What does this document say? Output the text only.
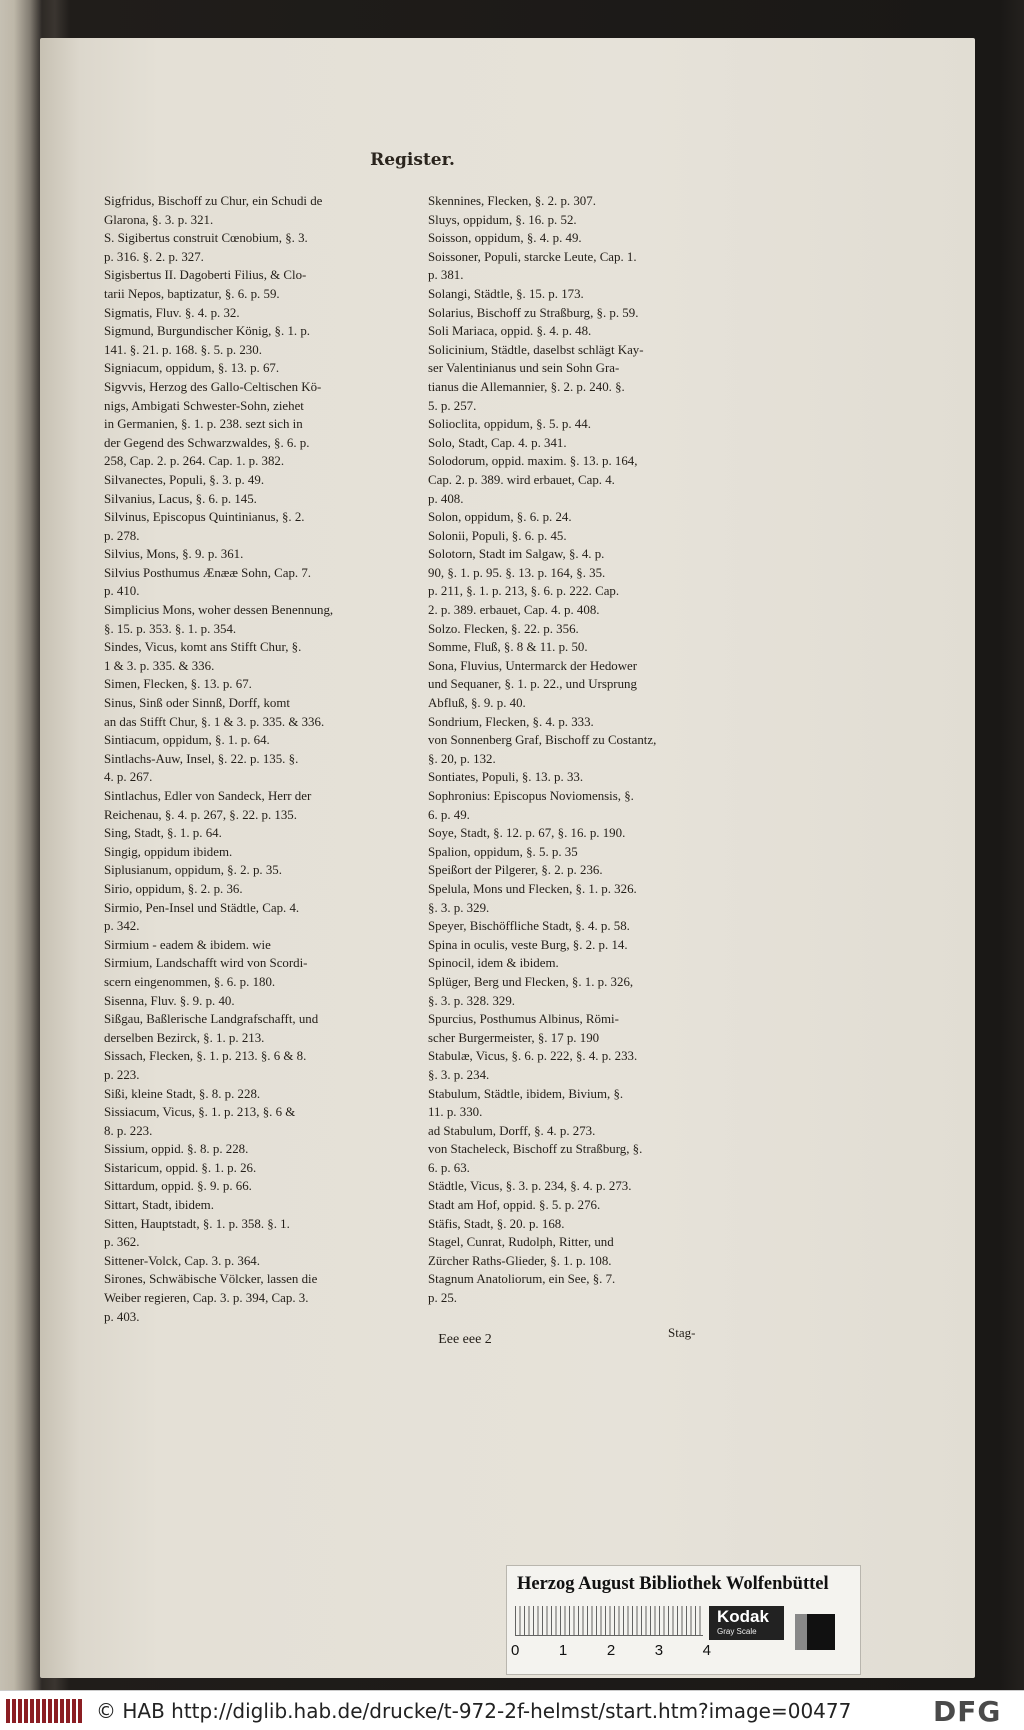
Register.
Sigfridus, Bischoff zu Chur, ein Schudi de
Glarona, §. 3. p. 321.
S. Sigibertus construit Cœnobium, §. 3.
p. 316. §. 2. p. 327.
Sigisbertus II. Dagoberti Filius, & Clo-
tarii Nepos, baptizatur, §. 6. p. 59.
Sigmatis, Fluv. §. 4. p. 32.
Sigmund, Burgundischer König, §. 1. p.
141. §. 21. p. 168. §. 5. p. 230.
Signiacum, oppidum, §. 13. p. 67.
Sigvvis, Herzog des Gallo-Celtischen Kö-
nigs, Ambigati Schwester-Sohn, ziehet
in Germanien, §. 1. p. 238. sezt sich in
der Gegend des Schwarzwaldes, §. 6. p.
258, Cap. 2. p. 264. Cap. 1. p. 382.
Silvanectes, Populi, §. 3. p. 49.
Silvanius, Lacus, §. 6. p. 145.
Silvinus, Episcopus Quintinianus, §. 2.
p. 278.
Silvius, Mons, §. 9. p. 361.
Silvius Posthumus Ænææ Sohn, Cap. 7.
p. 410.
Simplicius Mons, woher dessen Benennung,
§. 15. p. 353. §. 1. p. 354.
Sindes, Vicus, komt ans Stifft Chur, §.
1 & 3. p. 335. & 336.
Simen, Flecken, §. 13. p. 67.
Sinus, Sinß oder Sinnß, Dorff, komt
an das Stifft Chur, §. 1 & 3. p. 335. & 336.
Sintiacum, oppidum, §. 1. p. 64.
Sintlachs-Auw, Insel, §. 22. p. 135. §.
4. p. 267.
Sintlachus, Edler von Sandeck, Herr der
Reichenau, §. 4. p. 267, §. 22. p. 135.
Sing, Stadt, §. 1. p. 64.
Singig, oppidum ibidem.
Siplusianum, oppidum, §. 2. p. 35.
Sirio, oppidum, §. 2. p. 36.
Sirmio, Pen-Insel und Städtle, Cap. 4.
p. 342.
Sirmium - eadem & ibidem. wie
Sirmium, Landschafft wird von Scordi-
scern eingenommen, §. 6. p. 180.
Sisenna, Fluv. §. 9. p. 40.
Sißgau, Baßlerische Landgrafschafft, und
derselben Bezirck, §. 1. p. 213.
Sissach, Flecken, §. 1. p. 213. §. 6 & 8.
p. 223.
Sißi, kleine Stadt, §. 8. p. 228.
Sissiacum, Vicus, §. 1. p. 213, §. 6 &
8. p. 223.
Sissium, oppid. §. 8. p. 228.
Sistaricum, oppid. §. 1. p. 26.
Sittardum, oppid. §. 9. p. 66.
Sittart, Stadt, ibidem.
Sitten, Hauptstadt, §. 1. p. 358. §. 1.
p. 362.
Sittener-Volck, Cap. 3. p. 364.
Sirones, Schwäbische Völcker, lassen die
Weiber regieren, Cap. 3. p. 394, Cap. 3.
p. 403.
Skennines, Flecken, §. 2. p. 307.
Sluys, oppidum, §. 16. p. 52.
Soisson, oppidum, §. 4. p. 49.
Soissoner, Populi, starcke Leute, Cap. 1.
p. 381.
Solangi, Städtle, §. 15. p. 173.
Solarius, Bischoff zu Straßburg, §. p. 59.
Soli Mariaca, oppid. §. 4. p. 48.
Solicinium, Städtle, daselbst schlägt Kay-
ser Valentinianus und sein Sohn Gra-
tianus die Allemannier, §. 2. p. 240. §.
5. p. 257.
Solioclita, oppidum, §. 5. p. 44.
Solo, Stadt, Cap. 4. p. 341.
Solodorum, oppid. maxim. §. 13. p. 164,
Cap. 2. p. 389. wird erbauet, Cap. 4.
p. 408.
Solon, oppidum, §. 6. p. 24.
Solonii, Populi, §. 6. p. 45.
Solotorn, Stadt im Salgaw, §. 4. p.
90, §. 1. p. 95. §. 13. p. 164, §. 35.
p. 211, §. 1. p. 213, §. 6. p. 222. Cap.
2. p. 389. erbauet, Cap. 4. p. 408.
Solzo. Flecken, §. 22. p. 356.
Somme, Fluß, §. 8 & 11. p. 50.
Sona, Fluvius, Untermarck der Hedower
und Sequaner, §. 1. p. 22., und Ursprung
Abfluß, §. 9. p. 40.
Sondrium, Flecken, §. 4. p. 333.
von Sonnenberg Graf, Bischoff zu Costantz,
§. 20, p. 132.
Sontiates, Populi, §. 13. p. 33.
Sophronius: Episcopus Noviomensis, §.
6. p. 49.
Soye, Stadt, §. 12. p. 67, §. 16. p. 190.
Spalion, oppidum, §. 5. p. 35
Speißort der Pilgerer, §. 2. p. 236.
Spelula, Mons und Flecken, §. 1. p. 326.
§. 3. p. 329.
Speyer, Bischöffliche Stadt, §. 4. p. 58.
Spina in oculis, veste Burg, §. 2. p. 14.
Spinocil, idem & ibidem.
Splüger, Berg und Flecken, §. 1. p. 326,
§. 3. p. 328. 329.
Spurcius, Posthumus Albinus, Römi-
scher Burgermeister, §. 17 p. 190
Stabulæ, Vicus, §. 6. p. 222, §. 4. p. 233.
§. 3. p. 234.
Stabulum, Städtle, ibidem, Bivium, §.
11. p. 330.
ad Stabulum, Dorff, §. 4. p. 273.
von Stacheleck, Bischoff zu Straßburg, §.
6. p. 63.
Städtle, Vicus, §. 3. p. 234, §. 4. p. 273.
Stadt am Hof, oppid. §. 5. p. 276.
Stäfis, Stadt, §. 20. p. 168.
Stagel, Cunrat, Rudolph, Ritter, und
Zürcher Raths-Glieder, §. 1. p. 108.
Stagnum Anatoliorum, ein See, §. 7.
p. 25.
Eee eee 2	Stag-
Herzog August Bibliothek Wolfenbüttel
0	1	2	3	4
Kodak
Gray Scale
© HAB http://diglib.hab.de/drucke/t-972-2f-helmst/start.htm?image=00477	DFG
